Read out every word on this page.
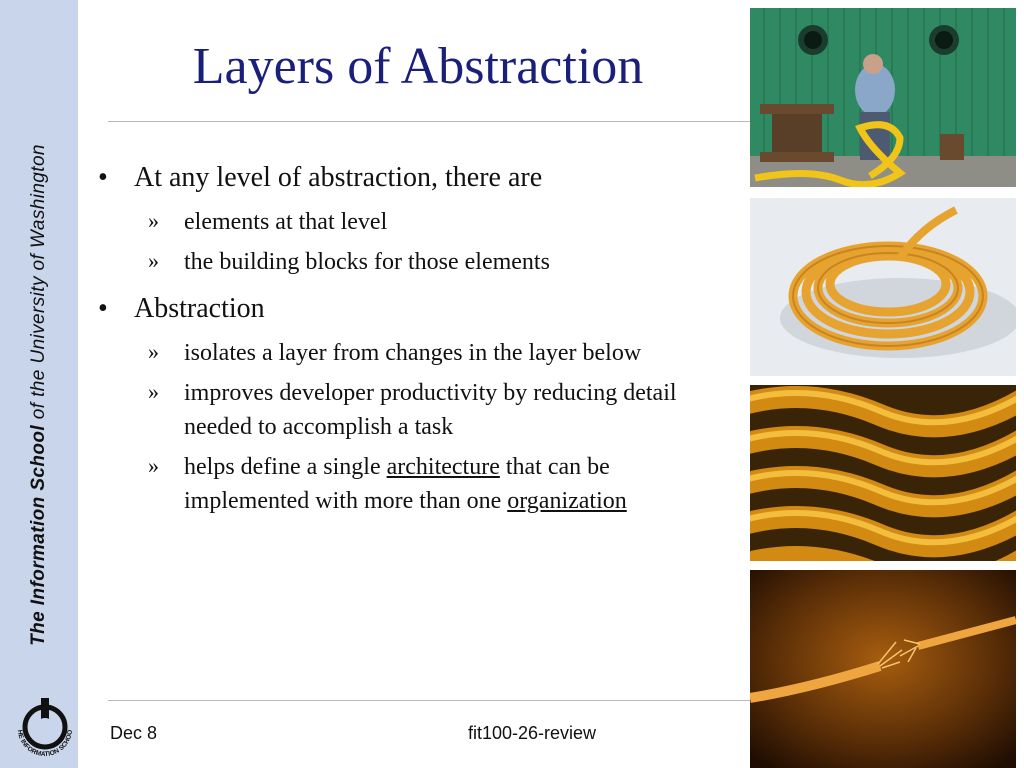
The Information School of the University of Washington
HE INFORMATION SCHOO
Layers of Abstraction
• At any level of abstraction, there are
» elements at that level
» the building blocks for those elements
• Abstraction
» isolates a layer from changes in the layer below
» improves developer productivity by reducing detail needed to accomplish a task
» helps define a single architecture that can be implemented with more than one organization
Dec 8	fit100-26-review
